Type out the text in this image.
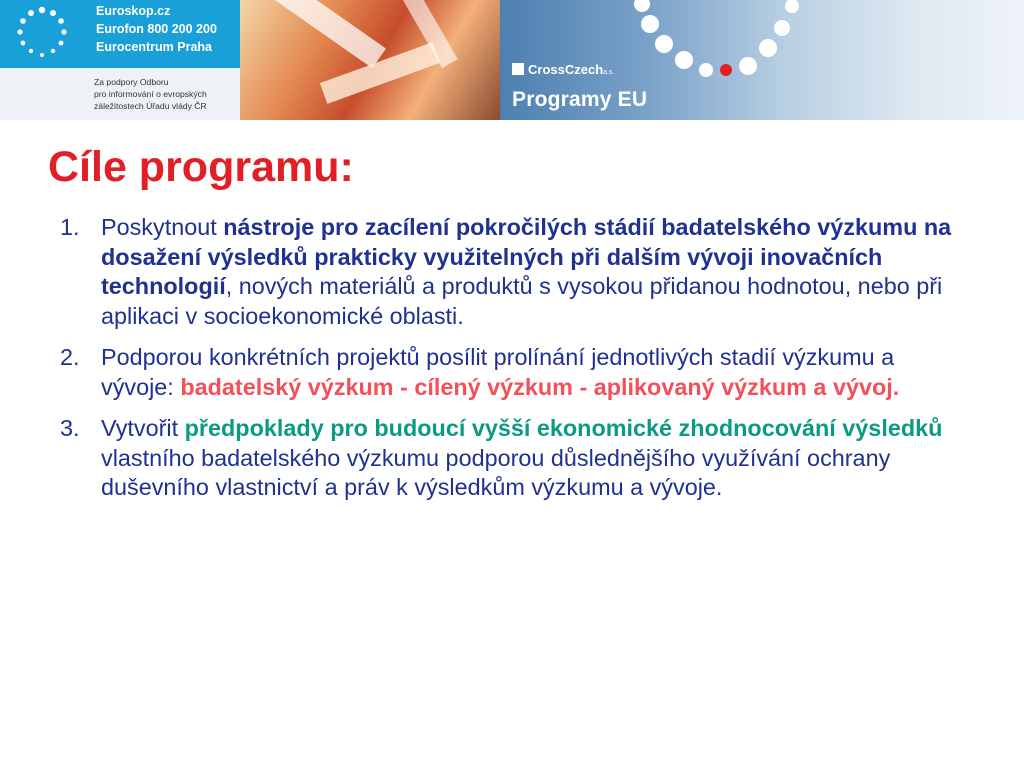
Euroskop.cz
Eurofon 800 200 200
Eurocentrum Praha
Za podpory Odboru
pro informování o evropských
záležitostech Úřadu vlády ČR
CrossCzecha.s.
Programy EU
Cíle programu:
1. Poskytnout nástroje pro zacílení pokročilých stádií badatelského výzkumu na dosažení výsledků prakticky využitelných při dalším vývoji inovačních technologií, nových materiálů a produktů s vysokou přidanou hodnotou, nebo při aplikaci v socioekonomické oblasti.
2. Podporou konkrétních projektů posílit prolínání jednotlivých stadií výzkumu a vývoje: badatelský výzkum - cílený výzkum - aplikovaný výzkum a vývoj.
3. Vytvořit předpoklady pro budoucí vyšší ekonomické zhodnocování výsledků vlastního badatelského výzkumu podporou důslednějšího využívání ochrany duševního vlastnictví a práv k výsledkům výzkumu a vývoje.
